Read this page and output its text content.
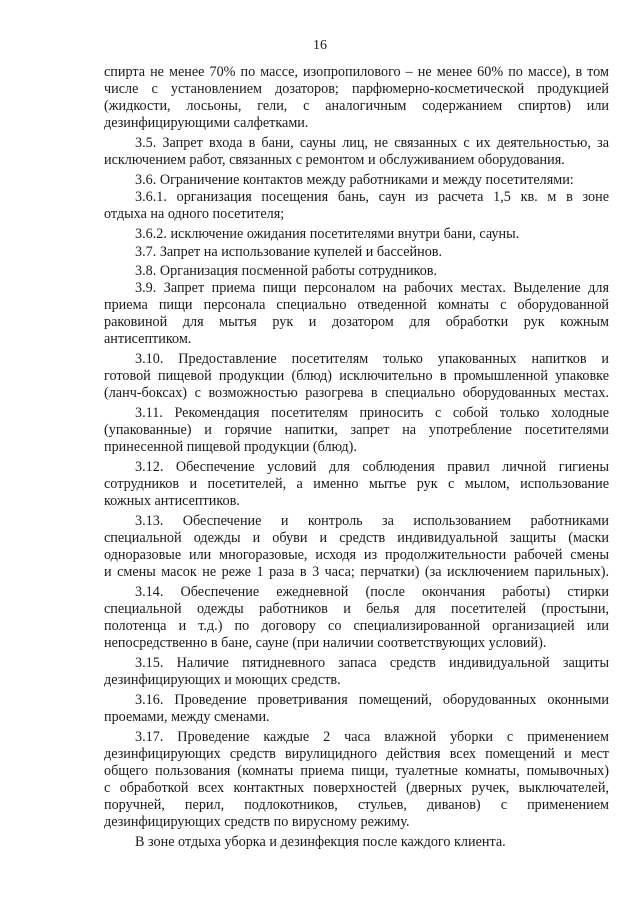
16
спирта не менее 70% по массе, изопропилового – не менее 60% по массе), в том
числе с установлением дозаторов; парфюмерно-косметической продукцией
(жидкости, лосьоны, гели, с аналогичным содержанием спиртов) или
дезинфицирующими салфетками.
3.5. Запрет входа в бани, сауны лиц, не связанных с их деятельностью, за
исключением работ, связанных с ремонтом и обслуживанием оборудования.
3.6. Ограничение контактов между работниками и между посетителями:
3.6.1. организация посещения бань, саун из расчета 1,5 кв. м в зоне
отдыха на одного посетителя;
3.6.2. исключение ожидания посетителями внутри бани, сауны.
3.7. Запрет на использование купелей и бассейнов.
3.8. Организация посменной работы сотрудников.
3.9. Запрет приема пищи персоналом на рабочих местах. Выделение для
приема пищи персонала специально отведенной комнаты с оборудованной
раковиной для мытья рук и дозатором для обработки рук кожным
антисептиком.
3.10. Предоставление посетителям только упакованных напитков и
готовой пищевой продукции (блюд) исключительно в промышленной упаковке
(ланч-боксах) с возможностью разогрева в специально оборудованных местах.
3.11. Рекомендация посетителям приносить с собой только холодные
(упакованные) и горячие напитки, запрет на употребление посетителями
принесенной пищевой продукции (блюд).
3.12. Обеспечение условий для соблюдения правил личной гигиены
сотрудников и посетителей, а именно мытье рук с мылом, использование
кожных антисептиков.
3.13. Обеспечение и контроль за использованием работниками
специальной одежды и обуви и средств индивидуальной защиты (маски
одноразовые или многоразовые, исходя из продолжительности рабочей смены
и смены масок не реже 1 раза в 3 часа; перчатки) (за исключением парильных).
3.14. Обеспечение ежедневной (после окончания работы) стирки
специальной одежды работников и белья для посетителей (простыни,
полотенца и т.д.) по договору со специализированной организацией или
непосредственно в бане, сауне (при наличии соответствующих условий).
3.15. Наличие пятидневного запаса средств индивидуальной защиты
дезинфицирующих и моющих средств.
3.16. Проведение проветривания помещений, оборудованных оконными
проемами, между сменами.
3.17. Проведение каждые 2 часа влажной уборки с применением
дезинфицирующих средств вирулицидного действия всех помещений и мест
общего пользования (комнаты приема пищи, туалетные комнаты, помывочных)
с обработкой всех контактных поверхностей (дверных ручек, выключателей,
поручней, перил, подлокотников, стульев, диванов) с применением
дезинфицирующих средств по вирусному режиму.
В зоне отдыха уборка и дезинфекция после каждого клиента.
